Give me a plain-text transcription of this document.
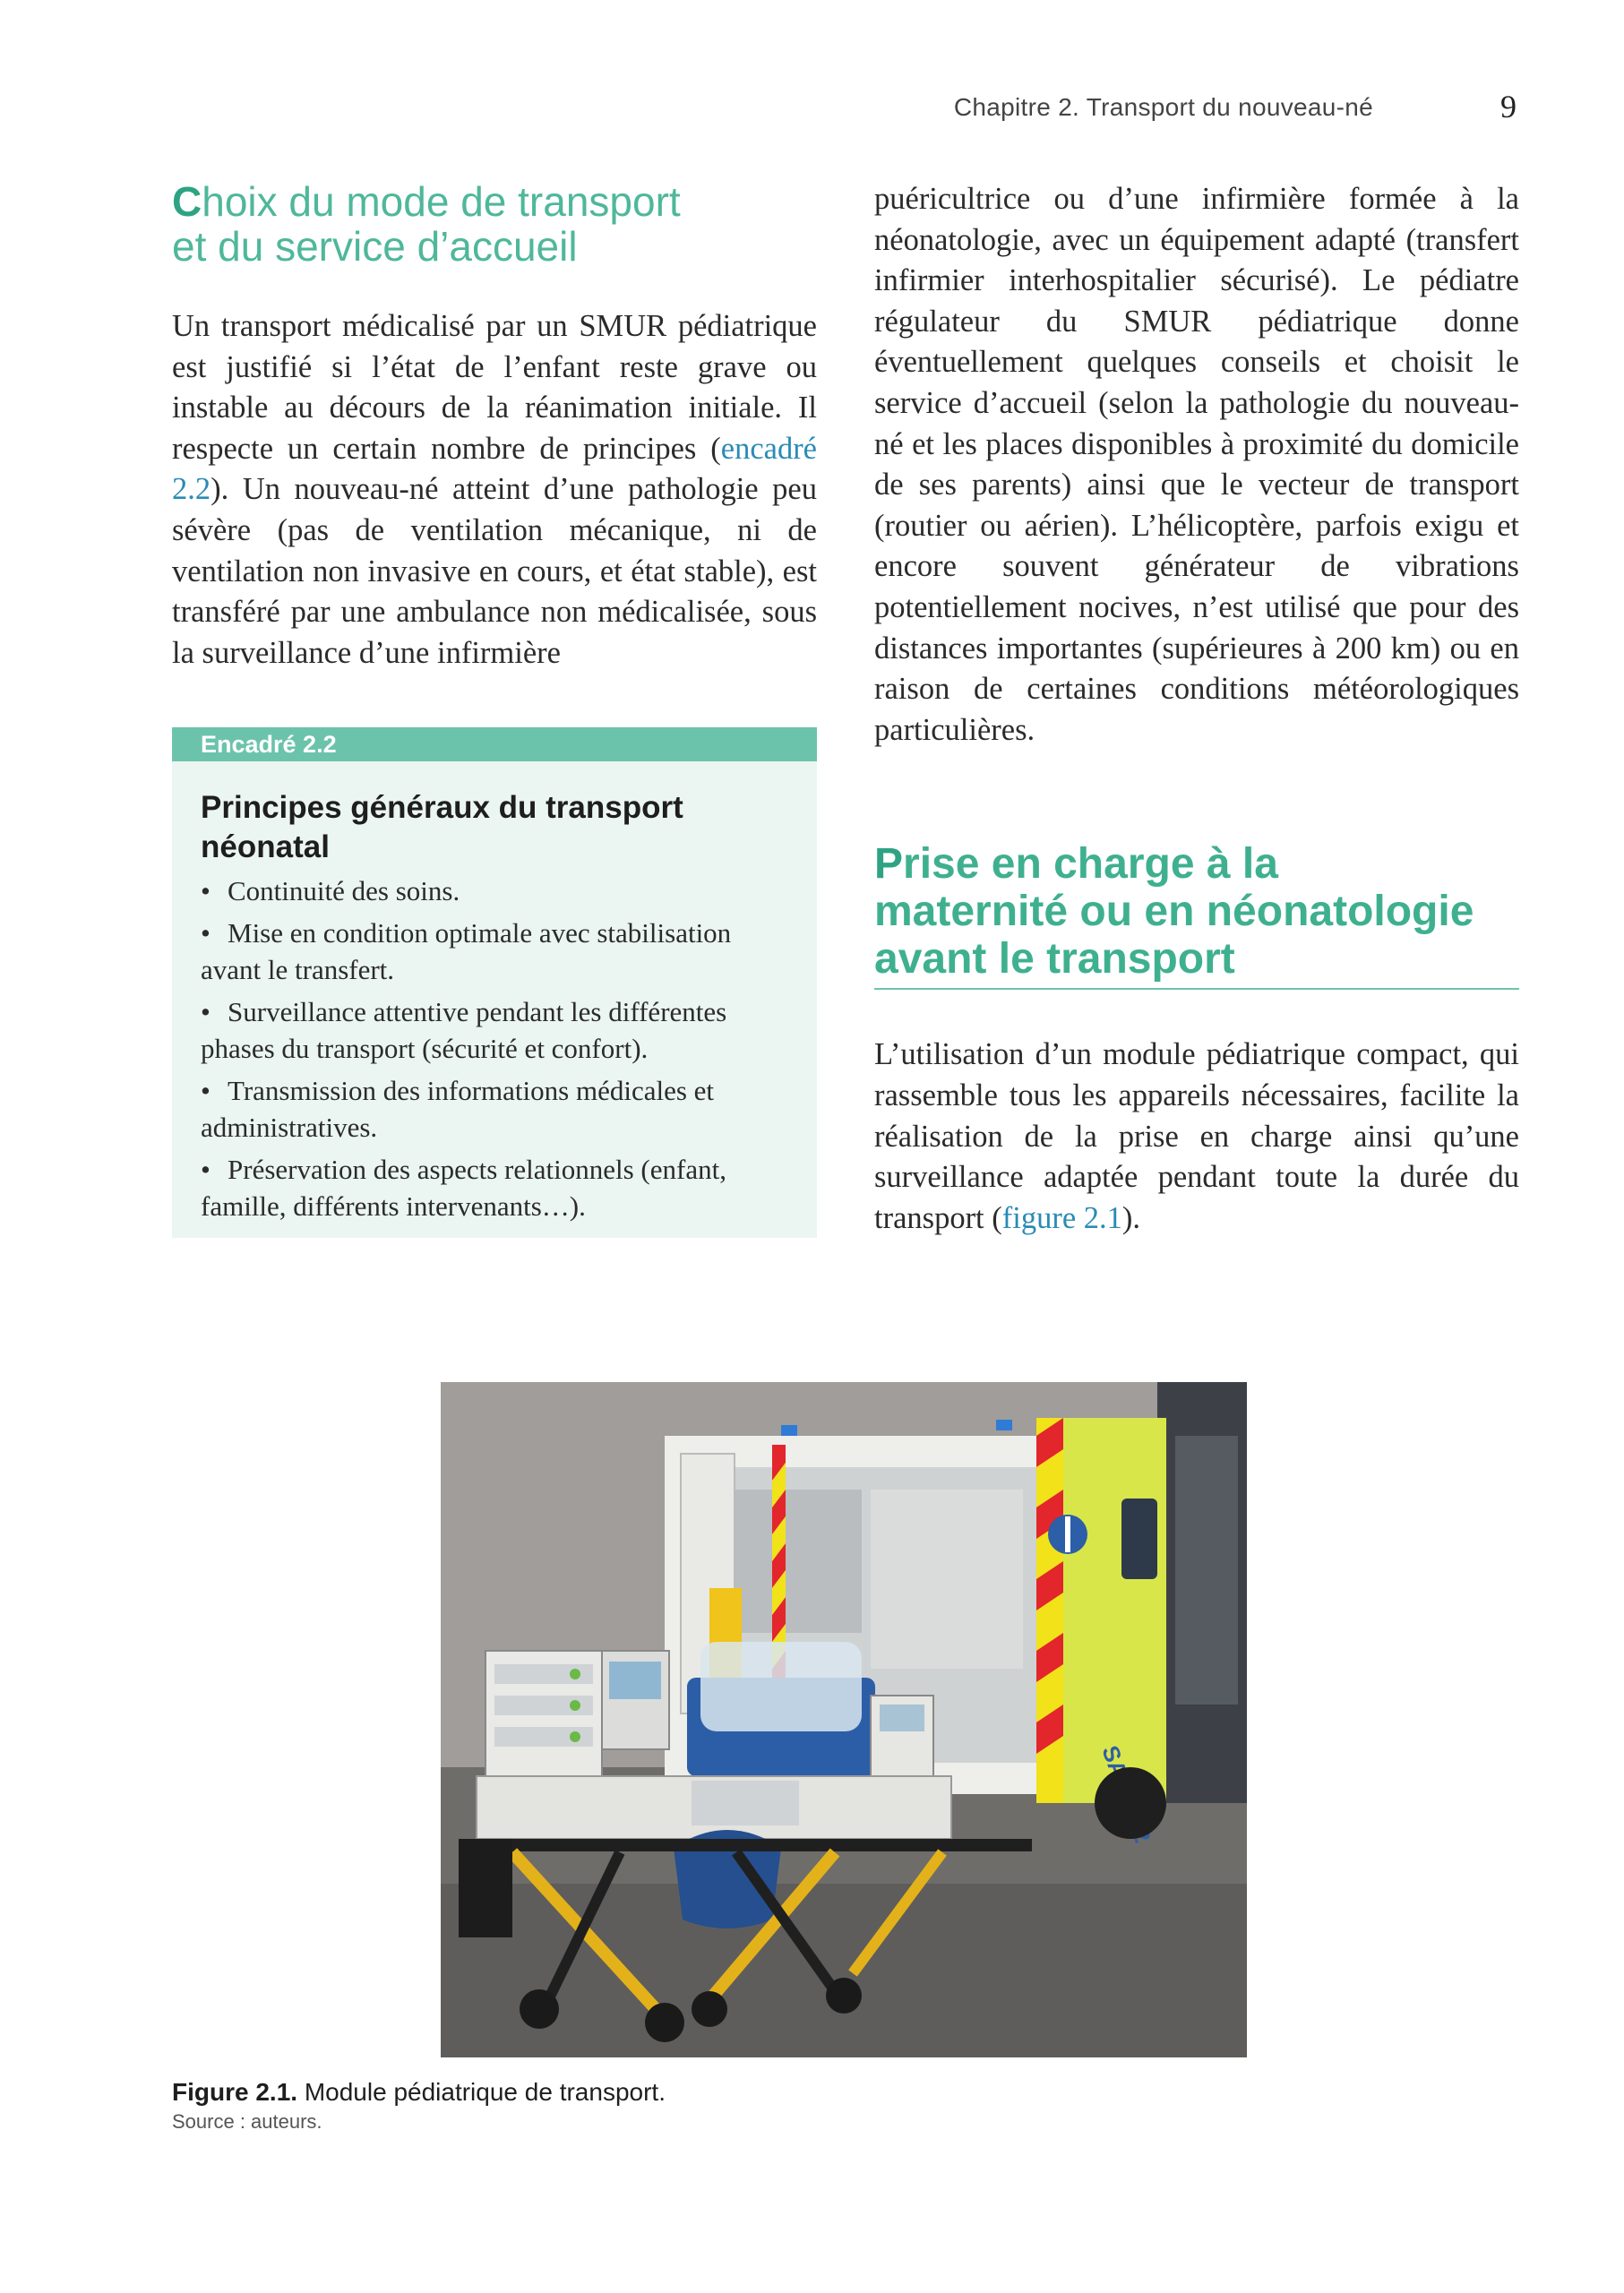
Chapitre 2. Transport du nouveau-né	9
Choix du mode de transport
et du service d’accueil

Un transport médicalisé par un SMUR pédiatrique est justifié si l’état de l’enfant reste grave ou instable au décours de la réanimation initiale. Il respecte un certain nombre de principes (encadré 2.2). Un nouveau-né atteint d’une pathologie peu sévère (pas de ventilation mécanique, ni de ventilation non invasive en cours, et état stable), est transféré par une ambulance non médicalisée, sous la surveillance d’une infirmière

Encadré 2.2
Principes généraux du transport néonatal
• Continuité des soins.
• Mise en condition optimale avec stabilisation avant le transfert.
• Surveillance attentive pendant les différentes phases du transport (sécurité et confort).
• Transmission des informations médicales et administratives.
• Préservation des aspects relationnels (enfant, famille, différents intervenants…).

puéricultrice ou d’une infirmière formée à la néonatologie, avec un équipement adapté (transfert infirmier interhospitalier sécurisé). Le pédiatre régulateur du SMUR pédiatrique donne éventuellement quelques conseils et choisit le service d’accueil (selon la pathologie du nouveau-né et les places disponibles à proximité du domicile de ses parents) ainsi que le vecteur de transport (routier ou aérien). L’hélicoptère, parfois exigu et encore souvent générateur de vibrations potentiellement nocives, n’est utilisé que pour des distances importantes (supérieures à 200 km) ou en raison de certaines conditions météorologiques particulières.

Prise en charge à la
maternité ou en néonatologie
avant le transport

L’utilisation d’un module pédiatrique compact, qui rassemble tous les appareils nécessaires, facilite la réalisation de la prise en charge ainsi qu’une surveillance adaptée pendant toute la durée du transport (figure 2.1).

Figure 2.1. Module pédiatrique de transport.
Source : auteurs.
